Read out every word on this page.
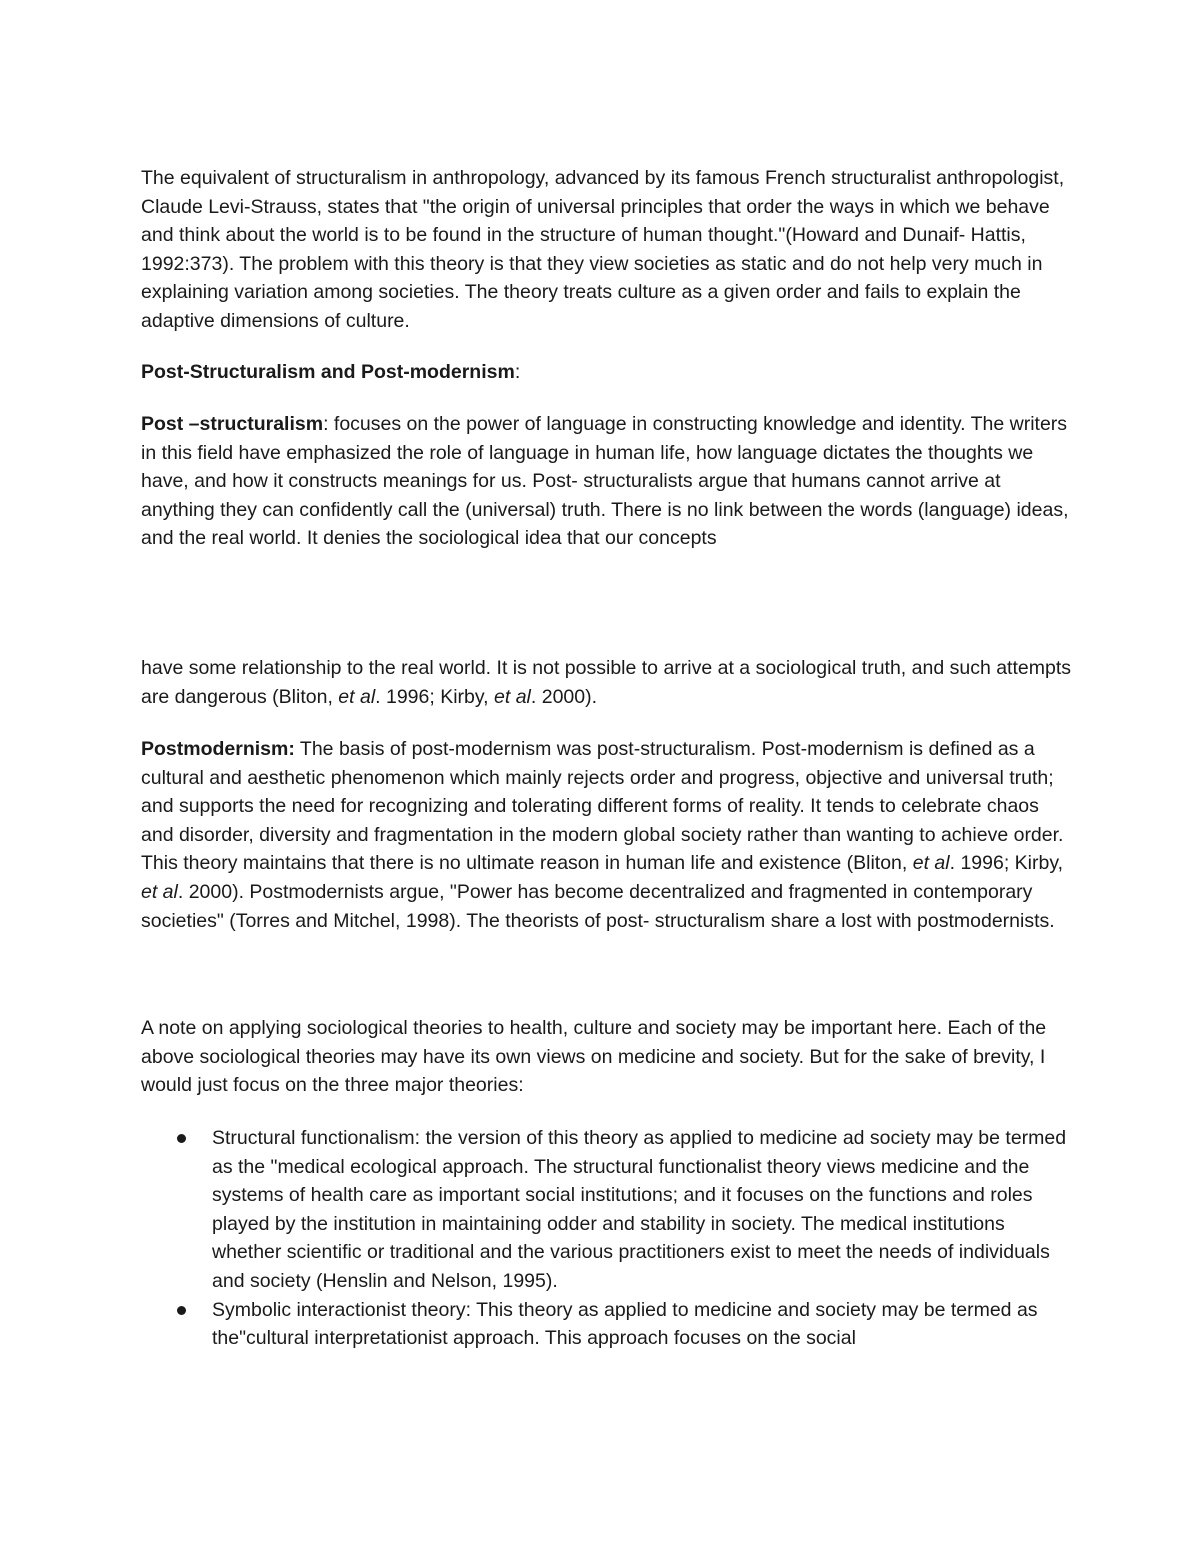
The equivalent of structuralism in anthropology, advanced by its famous French structuralist anthropologist, Claude Levi-Strauss, states that "the origin of universal principles that order the ways in which we behave and think about the world is to be found in the structure of human thought."(Howard and Dunaif- Hattis, 1992:373). The problem with this theory is that they view societies as static and do not help very much in explaining variation among societies. The theory treats culture as a given order and fails to explain the adaptive dimensions of culture.

Post-Structuralism and Post-modernism:

Post –structuralism: focuses on the power of language in constructing knowledge and identity. The writers in this field have emphasized the role of language in human life, how language dictates the thoughts we have, and how it constructs meanings for us. Post- structuralists argue that humans cannot arrive at anything they can confidently call the (universal) truth. There is no link between the words (language) ideas, and the real world. It denies the sociological idea that our concepts

have some relationship to the real world. It is not possible to arrive at a sociological truth, and such attempts are dangerous (Bliton, et al. 1996; Kirby, et al. 2000).

Postmodernism: The basis of post-modernism was post-structuralism. Post-modernism is defined as a cultural and aesthetic phenomenon which mainly rejects order and progress, objective and universal truth; and supports the need for recognizing and tolerating different forms of reality. It tends to celebrate chaos and disorder, diversity and fragmentation in the modern global society rather than wanting to achieve order. This theory maintains that there is no ultimate reason in human life and existence (Bliton, et al. 1996; Kirby, et al. 2000). Postmodernists argue, "Power has become decentralized and fragmented in contemporary societies" (Torres and Mitchel, 1998). The theorists of post- structuralism share a lost with postmodernists.

A note on applying sociological theories to health, culture and society may be important here. Each of the above sociological theories may have its own views on medicine and society. But for the sake of brevity, I would just focus on the three major theories:

Structural functionalism: the version of this theory as applied to medicine ad society may be termed as the "medical ecological approach. The structural functionalist theory views medicine and the systems of health care as important social institutions; and it focuses on the functions and roles played by the institution in maintaining odder and stability in society. The medical institutions whether scientific or traditional and the various practitioners exist to meet the needs of individuals and society (Henslin and Nelson, 1995).
Symbolic interactionist theory: This theory as applied to medicine and society may be termed as the"cultural interpretationist approach. This approach focuses on the social
